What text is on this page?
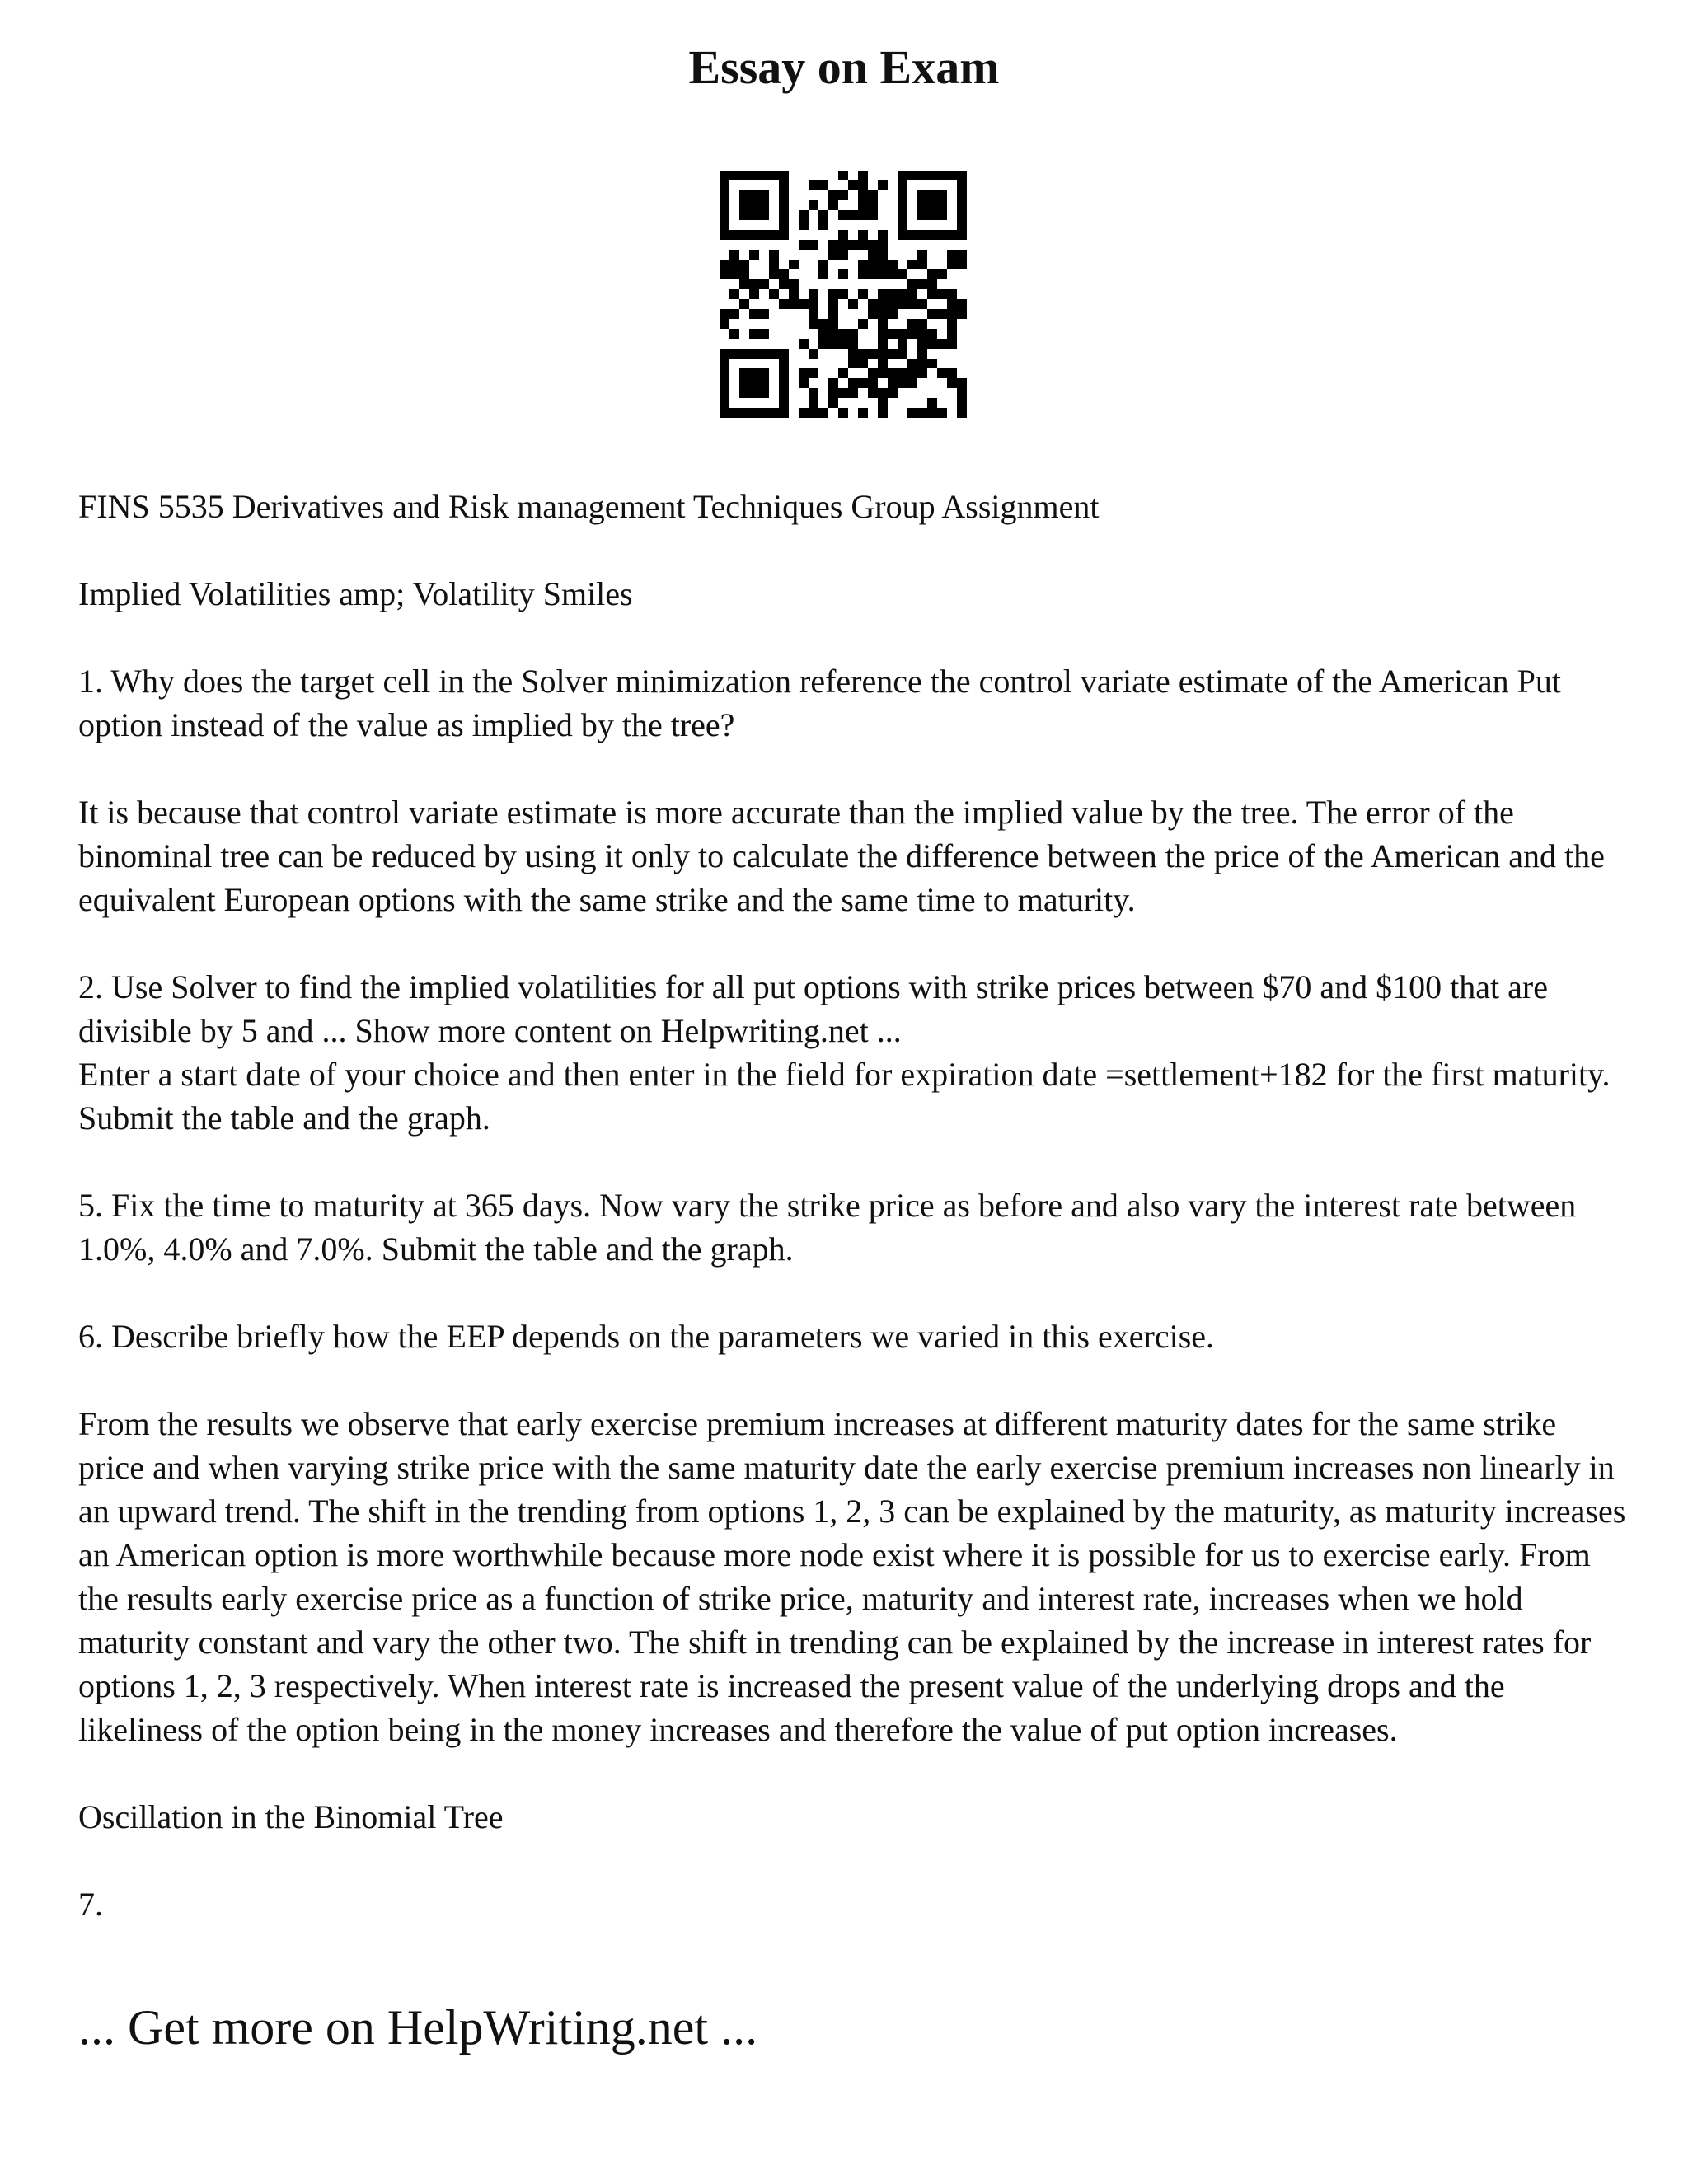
Essay on Exam

FINS 5535 Derivatives and Risk management Techniques Group Assignment

Implied Volatilities amp; Volatility Smiles

1. Why does the target cell in the Solver minimization reference the control variate estimate of the American Put option instead of the value as implied by the tree?

It is because that control variate estimate is more accurate than the implied value by the tree. The error of the binominal tree can be reduced by using it only to calculate the difference between the price of the American and the equivalent European options with the same strike and the same time to maturity.

2. Use Solver to find the implied volatilities for all put options with strike prices between $70 and $100 that are divisible by 5 and ... Show more content on Helpwriting.net ...

Enter a start date of your choice and then enter in the field for expiration date =settlement+182 for the first maturity. Submit the table and the graph.

5. Fix the time to maturity at 365 days. Now vary the strike price as before and also vary the interest rate between 1.0%, 4.0% and 7.0%. Submit the table and the graph.

6. Describe briefly how the EEP depends on the parameters we varied in this exercise.

From the results we observe that early exercise premium increases at different maturity dates for the same strike price and when varying strike price with the same maturity date the early exercise premium increases non linearly in an upward trend. The shift in the trending from options 1, 2, 3 can be explained by the maturity, as maturity increases an American option is more worthwhile because more node exist where it is possible for us to exercise early. From the results early exercise price as a function of strike price, maturity and interest rate, increases when we hold maturity constant and vary the other two. The shift in trending can be explained by the increase in interest rates for options 1, 2, 3 respectively. When interest rate is increased the present value of the underlying drops and the likeliness of the option being in the money increases and therefore the value of put option increases.

Oscillation in the Binomial Tree

7.

... Get more on HelpWriting.net ...
